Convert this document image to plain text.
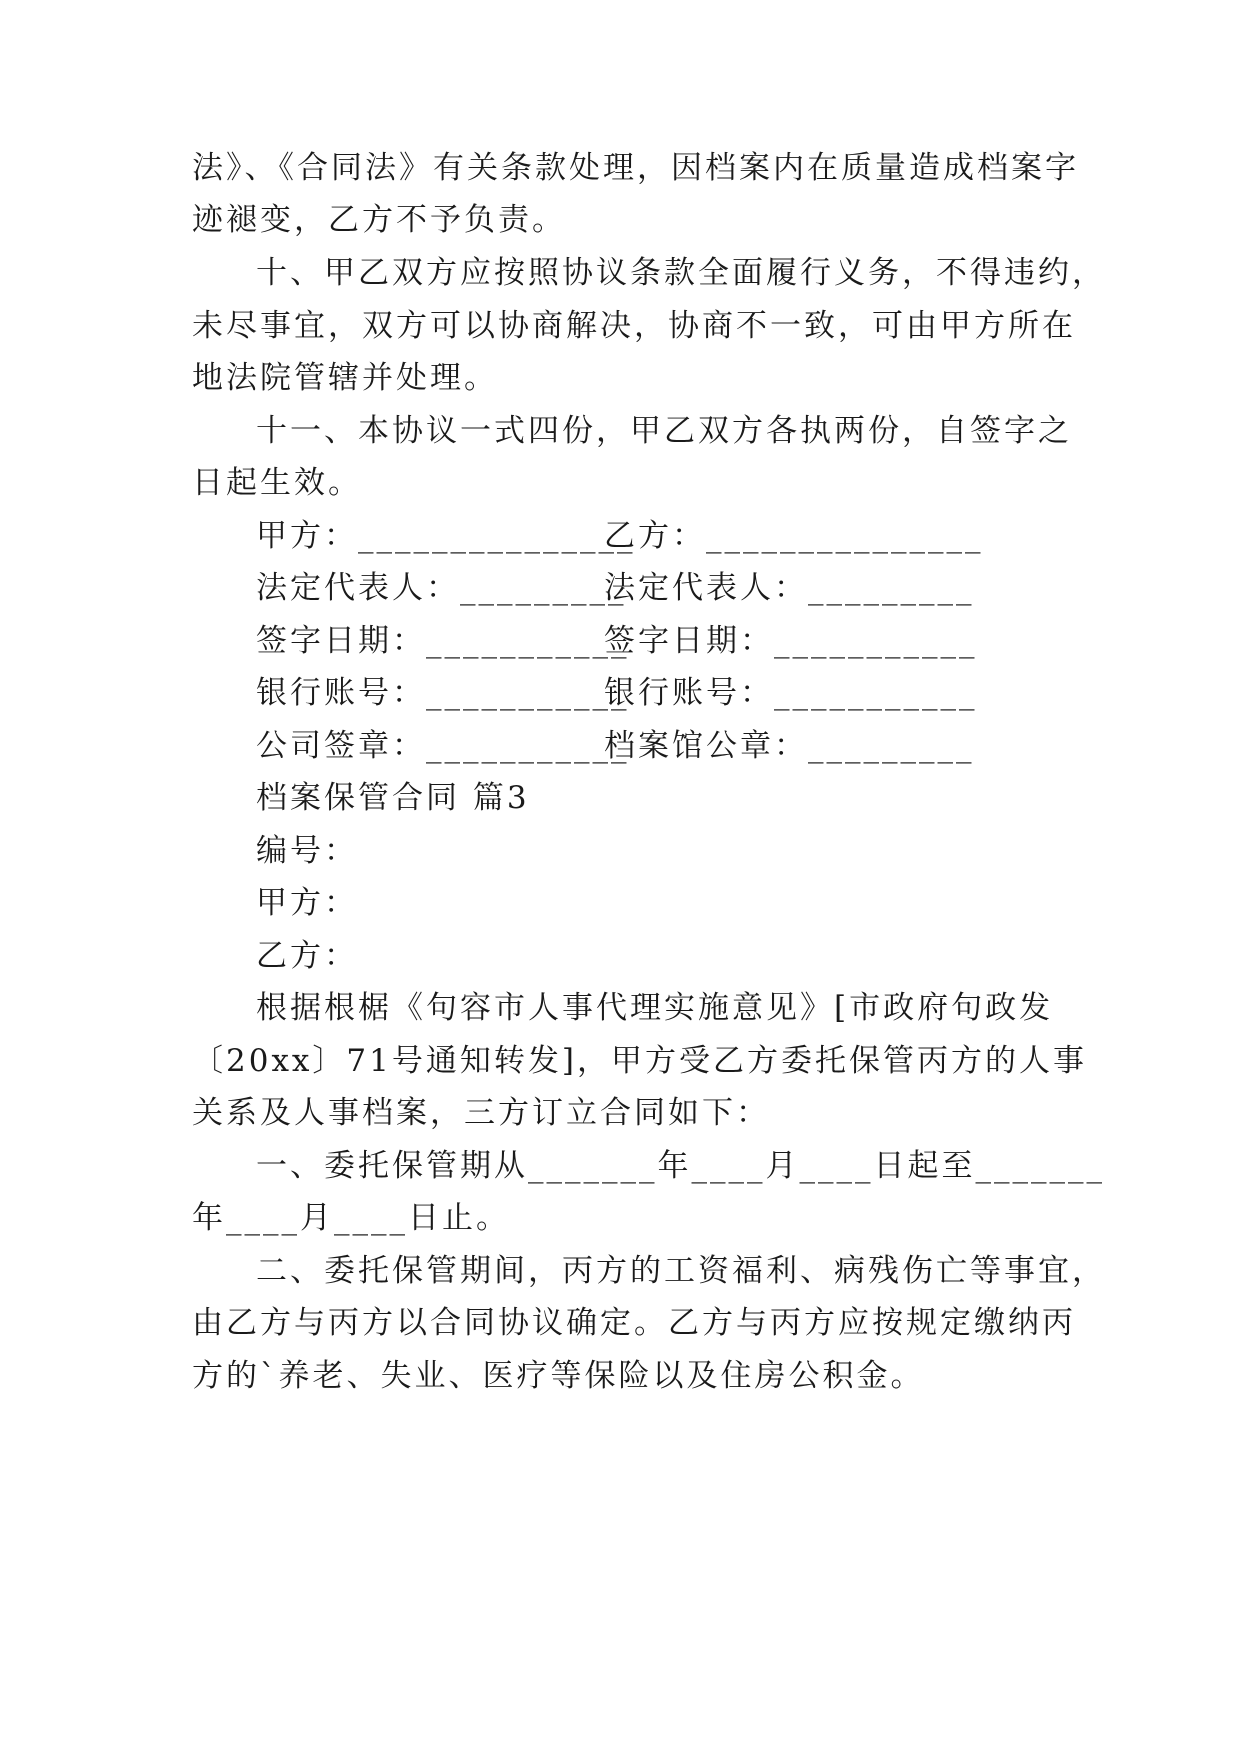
法》、《合同法》有关条款处理，因档案内在质量造成档案字
迹褪变，乙方不予负责。
十、甲乙双方应按照协议条款全面履行义务，不得违约，
未尽事宜，双方可以协商解决，协商不一致，可由甲方所在
地法院管辖并处理。
十一、本协议一式四份，甲乙双方各执两份，自签字之
日起生效。
甲方：_______________
乙方：_______________
法定代表人：_________
法定代表人：_________
签字日期：___________
签字日期：___________
银行账号：___________
银行账号：___________
公司签章：___________
档案馆公章：_________
档案保管合同 篇3
编号：
甲方：
乙方：
根据根椐《句容市人事代理实施意见》[市政府句政发
〔20xx〕71号通知转发]，甲方受乙方委托保管丙方的人事
关系及人事档案，三方订立合同如下：
一、委托保管期从_______年____月____日起至_______
年____月____日止。
二、委托保管期间，丙方的工资福利、病残伤亡等事宜，
由乙方与丙方以合同协议确定。乙方与丙方应按规定缴纳丙
方的`养老、失业、医疗等保险以及住房公积金。
